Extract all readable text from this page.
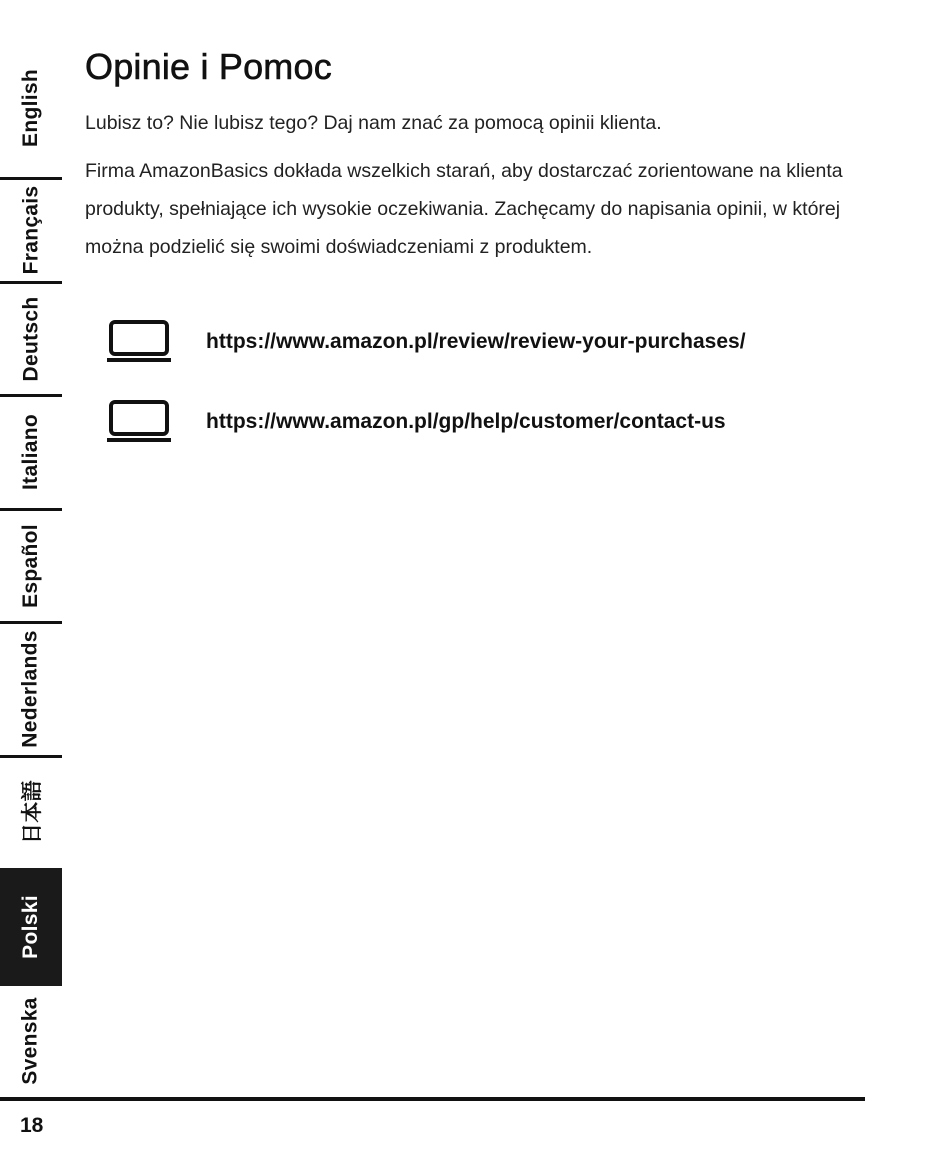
English
Français
Deutsch
Italiano
Español
Nederlands
日本語
Polski
Svenska
Opinie i Pomoc

Lubisz to? Nie lubisz tego? Daj nam znać za pomocą opinii klienta.

Firma AmazonBasics dokłada wszelkich starań, aby dostarczać zorientowane na klienta produkty, spełniające ich wysokie oczekiwania. Zachęcamy do napisania opinii, w której można podzielić się swoimi doświadczeniami z produktem.

https://www.amazon.pl/review/review-your-purchases/
https://www.amazon.pl/gp/help/customer/contact-us
18
